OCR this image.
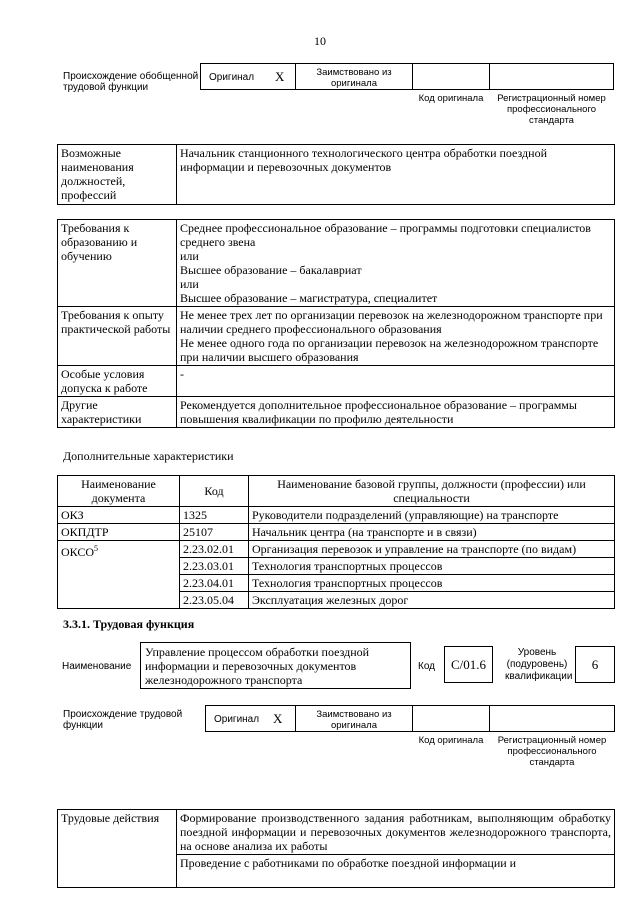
10
Происхождение обобщенной трудовой функции
Оригинал X	Заимствовано из оригинала
Код оригинала	Регистрационный номер профессионального стандарта
Возможные наименования должностей, профессий	Начальник станционного технологического центра обработки поездной информации и перевозочных документов
Требования к образованию и обучению	Среднее профессиональное образование – программы подготовки специалистов среднего звена
или
Высшее образование – бакалавриат
или
Высшее образование – магистратура, специалитет

Требования к опыту практической работы	Не менее трех лет по организации перевозок на железнодорожном транспорте при наличии среднего профессионального образования
Не менее одного года по организации перевозок на железнодорожном транспорте при наличии высшего образования

Особые условия допуска к работе	-

Другие характеристики	Рекомендуется дополнительное профессиональное образование – программы повышения квалификации по профилю деятельности
Дополнительные характеристики
Наименование документа	Код	Наименование базовой группы, должности (профессии) или специальности
ОКЗ	1325	Руководители подразделений (управляющие) на транспорте
ОКПДТР	25107	Начальник центра (на транспорте и в связи)
ОКСО$^5$	2.23.02.01	Организация перевозок и управление на транспорте (по видам)
	2.23.03.01	Технология транспортных процессов
	2.23.04.01	Технология транспортных процессов
	2.23.05.04	Эксплуатация железных дорог
3.3.1. Трудовая функция
Наименование
Управление процессом обработки поездной информации и перевозочных документов железнодорожного транспорта
Код	С/01.6
Уровень (подуровень) квалификации
6
Происхождение трудовой функции
Оригинал X	Заимствовано из оригинала
Код оригинала	Регистрационный номер профессионального стандарта
Трудовые действия	Формирование производственного задания работникам, выполняющим обработку поездной информации и перевозочных документов железнодорожного транспорта, на основе анализа их работы
Проведение с работниками по обработке поездной информации и
